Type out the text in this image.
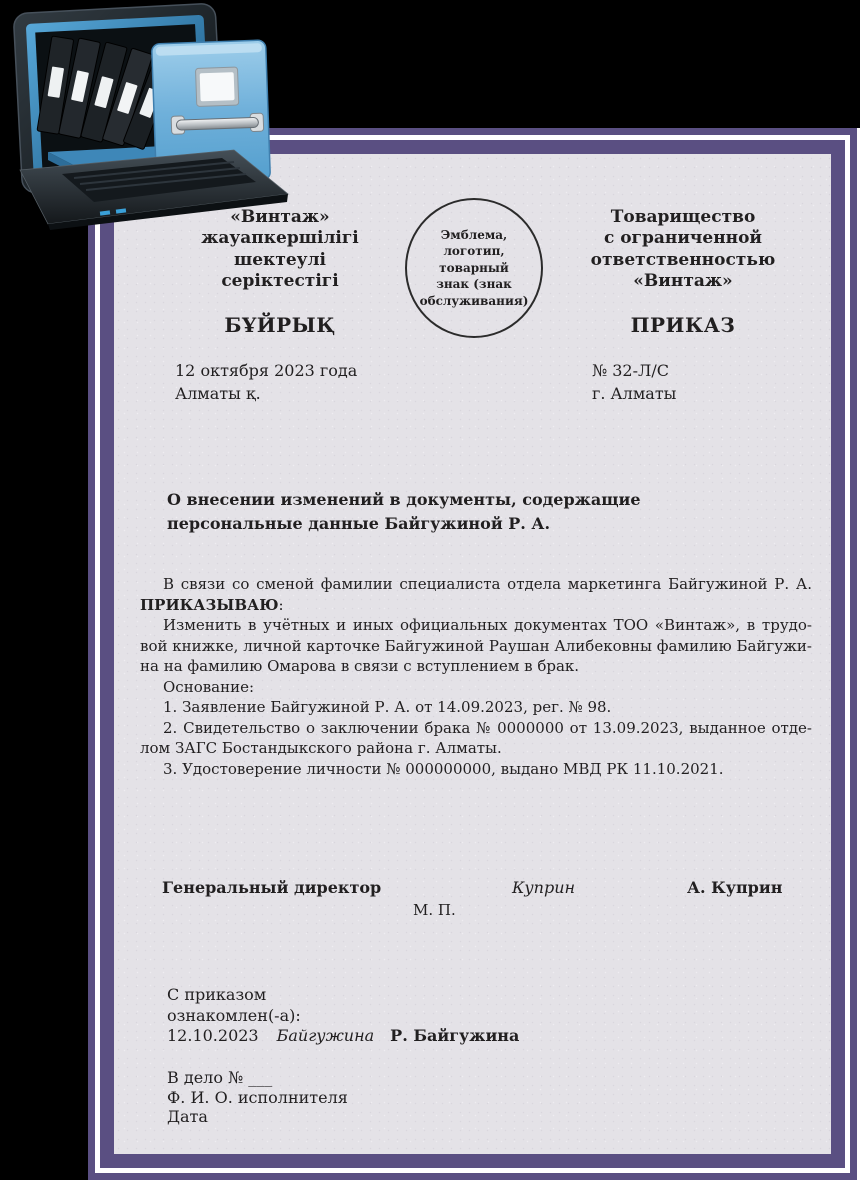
«Винтаж»
жауапкершілігі
шектеулі
серіктестігі
БҰЙРЫҚ
Эмблема,
логотип,
товарный
знак (знак
обслуживания)
Товарищество
с ограниченной
ответственностью
«Винтаж»
ПРИКАЗ
12 октября 2023 года
Алматы қ.
№ 32-Л/С
г. Алматы
О внесении изменений в документы, содержащие
персональные данные Байгужиной Р. А.
В связи со сменой фамилии специалиста отдела маркетинга Байгужиной Р. А.
ПРИКАЗЫВАЮ:
Изменить в учётных и иных официальных документах ТОО «Винтаж», в трудо-
вой книжке, личной карточке Байгужиной Раушан Алибековны фамилию Байгужи-
на на фамилию Омарова в связи с вступлением в брак.
Основание:
1. Заявление Байгужиной Р. А. от 14.09.2023, рег. № 98.
2. Свидетельство о заключении брака № 0000000 от 13.09.2023, выданное отде-
лом ЗАГС Бостандыкского района г. Алматы.
3. Удостоверение личности № 000000000, выдано МВД РК 11.10.2021.
Генеральный директор	Куприн	А. Куприн
М. П.
С приказом
ознакомлен(-а):
12.10.2023 Байгужина Р. Байгужина
В дело № ___
Ф. И. О. исполнителя
Дата
